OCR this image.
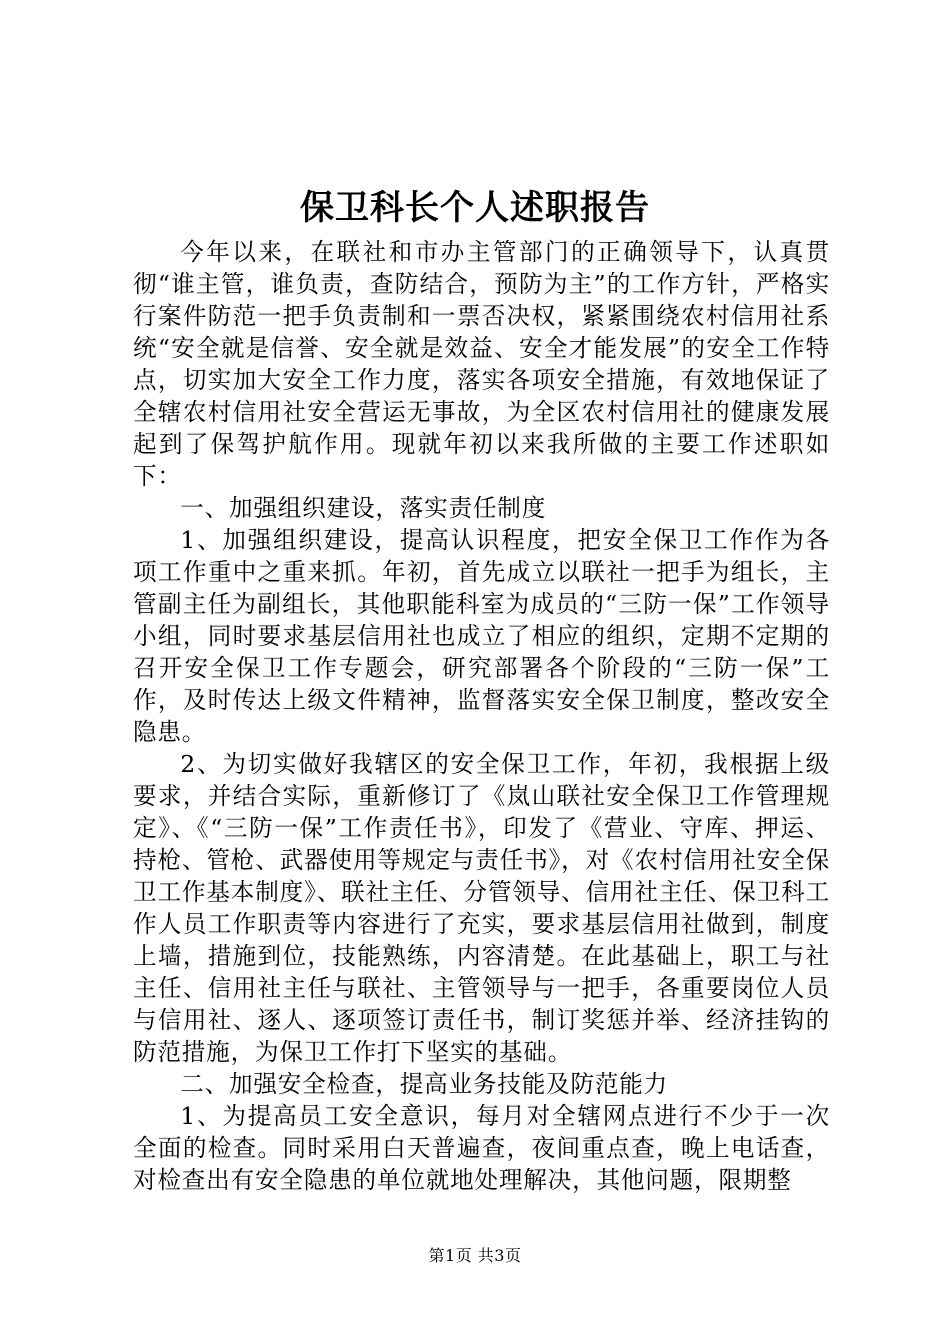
保卫科长个人述职报告

今年以来，在联社和市办主管部门的正确领导下，认真贯彻“谁主管，谁负责，查防结合，预防为主”的工作方针，严格实行案件防范一把手负责制和一票否决权，紧紧围绕农村信用社系统“安全就是信誉、安全就是效益、安全才能发展”的安全工作特点，切实加大安全工作力度，落实各项安全措施，有效地保证了全辖农村信用社安全营运无事故，为全区农村信用社的健康发展起到了保驾护航作用。现就年初以来我所做的主要工作述职如下：

一、加强组织建设，落实责任制度

1、加强组织建设，提高认识程度，把安全保卫工作作为各项工作重中之重来抓。年初，首先成立以联社一把手为组长，主管副主任为副组长，其他职能科室为成员的“三防一保”工作领导小组，同时要求基层信用社也成立了相应的组织，定期不定期的召开安全保卫工作专题会，研究部署各个阶段的“三防一保”工作，及时传达上级文件精神，监督落实安全保卫制度，整改安全隐患。

2、为切实做好我辖区的安全保卫工作，年初，我根据上级要求，并结合实际，重新修订了《岚山联社安全保卫工作管理规定》、《“三防一保”工作责任书》，印发了《营业、守库、押运、持枪、管枪、武器使用等规定与责任书》，对《农村信用社安全保卫工作基本制度》、联社主任、分管领导、信用社主任、保卫科工作人员工作职责等内容进行了充实，要求基层信用社做到，制度上墙，措施到位，技能熟练，内容清楚。在此基础上，职工与社主任、信用社主任与联社、主管领导与一把手，各重要岗位人员与信用社、逐人、逐项签订责任书，制订奖惩并举、经济挂钩的防范措施，为保卫工作打下坚实的基础。

二、加强安全检查，提高业务技能及防范能力

1、为提高员工安全意识，每月对全辖网点进行不少于一次全面的检查。同时采用白天普遍查，夜间重点查，晚上电话查，对检查出有安全隐患的单位就地处理解决，其他问题，限期整

第1页 共3页
